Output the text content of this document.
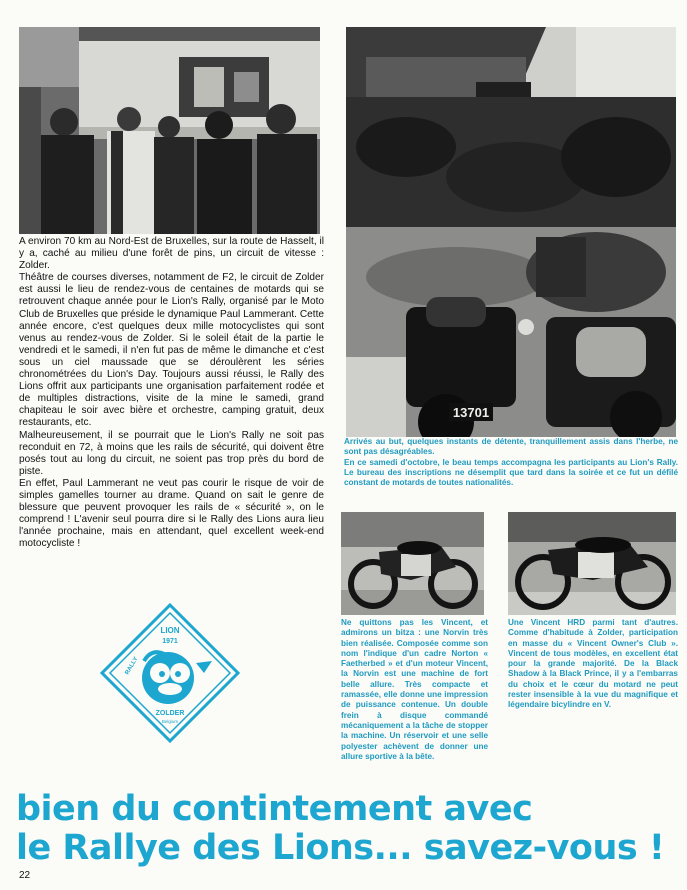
13701

A environ 70 km au Nord-Est de Bruxelles, sur la route de Hasselt, il y a, caché au milieu d'une forêt de pins, un circuit de vitesse : Zolder.

Théâtre de courses diverses, notamment de F2, le circuit de Zolder est aussi le lieu de rendez-vous de centaines de motards qui se retrouvent chaque année pour le Lion's Rally, organisé par le Moto Club de Bruxelles que préside le dynamique Paul Lammerant. Cette année encore, c'est quelques deux mille motocyclistes qui sont venus au rendez-vous de Zolder. Si le soleil était de la partie le vendredi et le samedi, il n'en fut pas de même le dimanche et c'est sous un ciel maussade que se déroulèrent les séries chronométrées du Lion's Day. Toujours aussi réussi, le Rally des Lions offrit aux participants une organisation parfaitement rodée et de multiples distractions, visite de la mine le samedi, grand chapiteau le soir avec bière et orchestre, camping gratuit, deux restaurants, etc.

Malheureusement, il se pourrait que le Lion's Rally ne soit pas reconduit en 72, à moins que les rails de sécurité, qui doivent être posés tout au long du circuit, ne soient pas trop près du bord de piste.

En effet, Paul Lammerant ne veut pas courir le risque de voir de simples gamelles tourner au drame. Quand on sait le genre de blessure que peuvent provoquer les rails de « sécurité », on le comprend ! L'avenir seul pourra dire si le Rally des Lions aura lieu l'année prochaine, mais en attendant, quel excellent week-end motocycliste !

Arrivés au but, quelques instants de détente, tranquillement assis dans l'herbe, ne sont pas désagréables.

En ce samedi d'octobre, le beau temps accompagna les participants au Lion's Rally. Le bureau des inscriptions ne désemplit que tard dans la soirée et ce fut un défilé constant de motards de toutes nationalités.

Ne quittons pas les Vincent, et admirons un bitza : une Norvin très bien réalisée. Composée comme son nom l'indique d'un cadre Norton « Faetherbed » et d'un moteur Vincent, la Norvin est une machine de fort belle allure. Très compacte et ramassée, elle donne une impression de puissance contenue. Un double frein à disque commandé mécaniquement a la tâche de stopper la machine. Un réservoir et une selle polyester achèvent de donner une allure sportive à la bête.
Une Vincent HRD parmi tant d'autres. Comme d'habitude à Zolder, participation en masse du « Vincent Owner's Club ». Vincent de tous modèles, en excellent état pour la grande majorité. De la Black Shadow à la Black Prince, il y a l'embarras du choix et le cœur du motard ne peut rester insensible à la vue du magnifique et légendaire bicylindre en V.
LION
1971
RALLY
ZOLDER
Belgium
bien du contintement avec
le Rallye des Lions... savez-vous !
22
